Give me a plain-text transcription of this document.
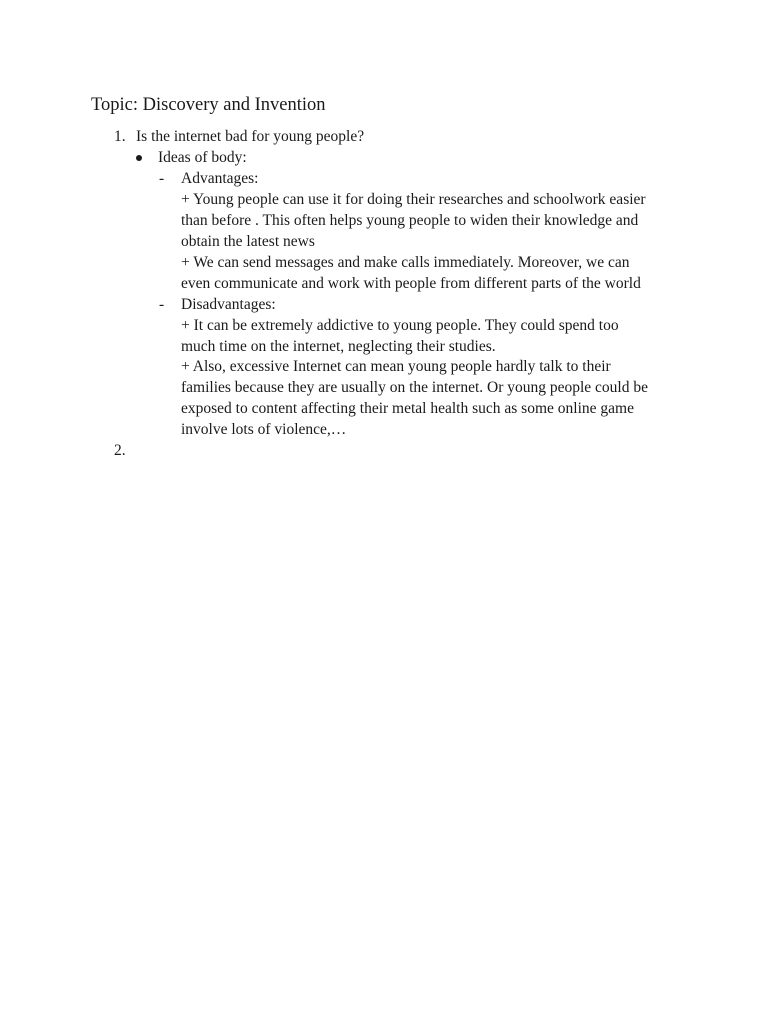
Topic: Discovery and Invention
1. Is the internet bad for young people?
Ideas of body:
- Advantages:
+ Young people can use it for doing their researches and schoolwork easier
than before . This often helps young people to widen their knowledge and
obtain the latest news
+ We can send messages and make calls immediately. Moreover, we can
even communicate and work with people from different parts of the world
- Disadvantages:
+ It can be extremely addictive to young people. They could spend too
much time on the internet, neglecting their studies.
+ Also, excessive Internet can mean young people hardly talk to their
families because they are usually on the internet. Or young people could be
exposed to content affecting their metal health such as some online game
involve lots of violence,…
2.
